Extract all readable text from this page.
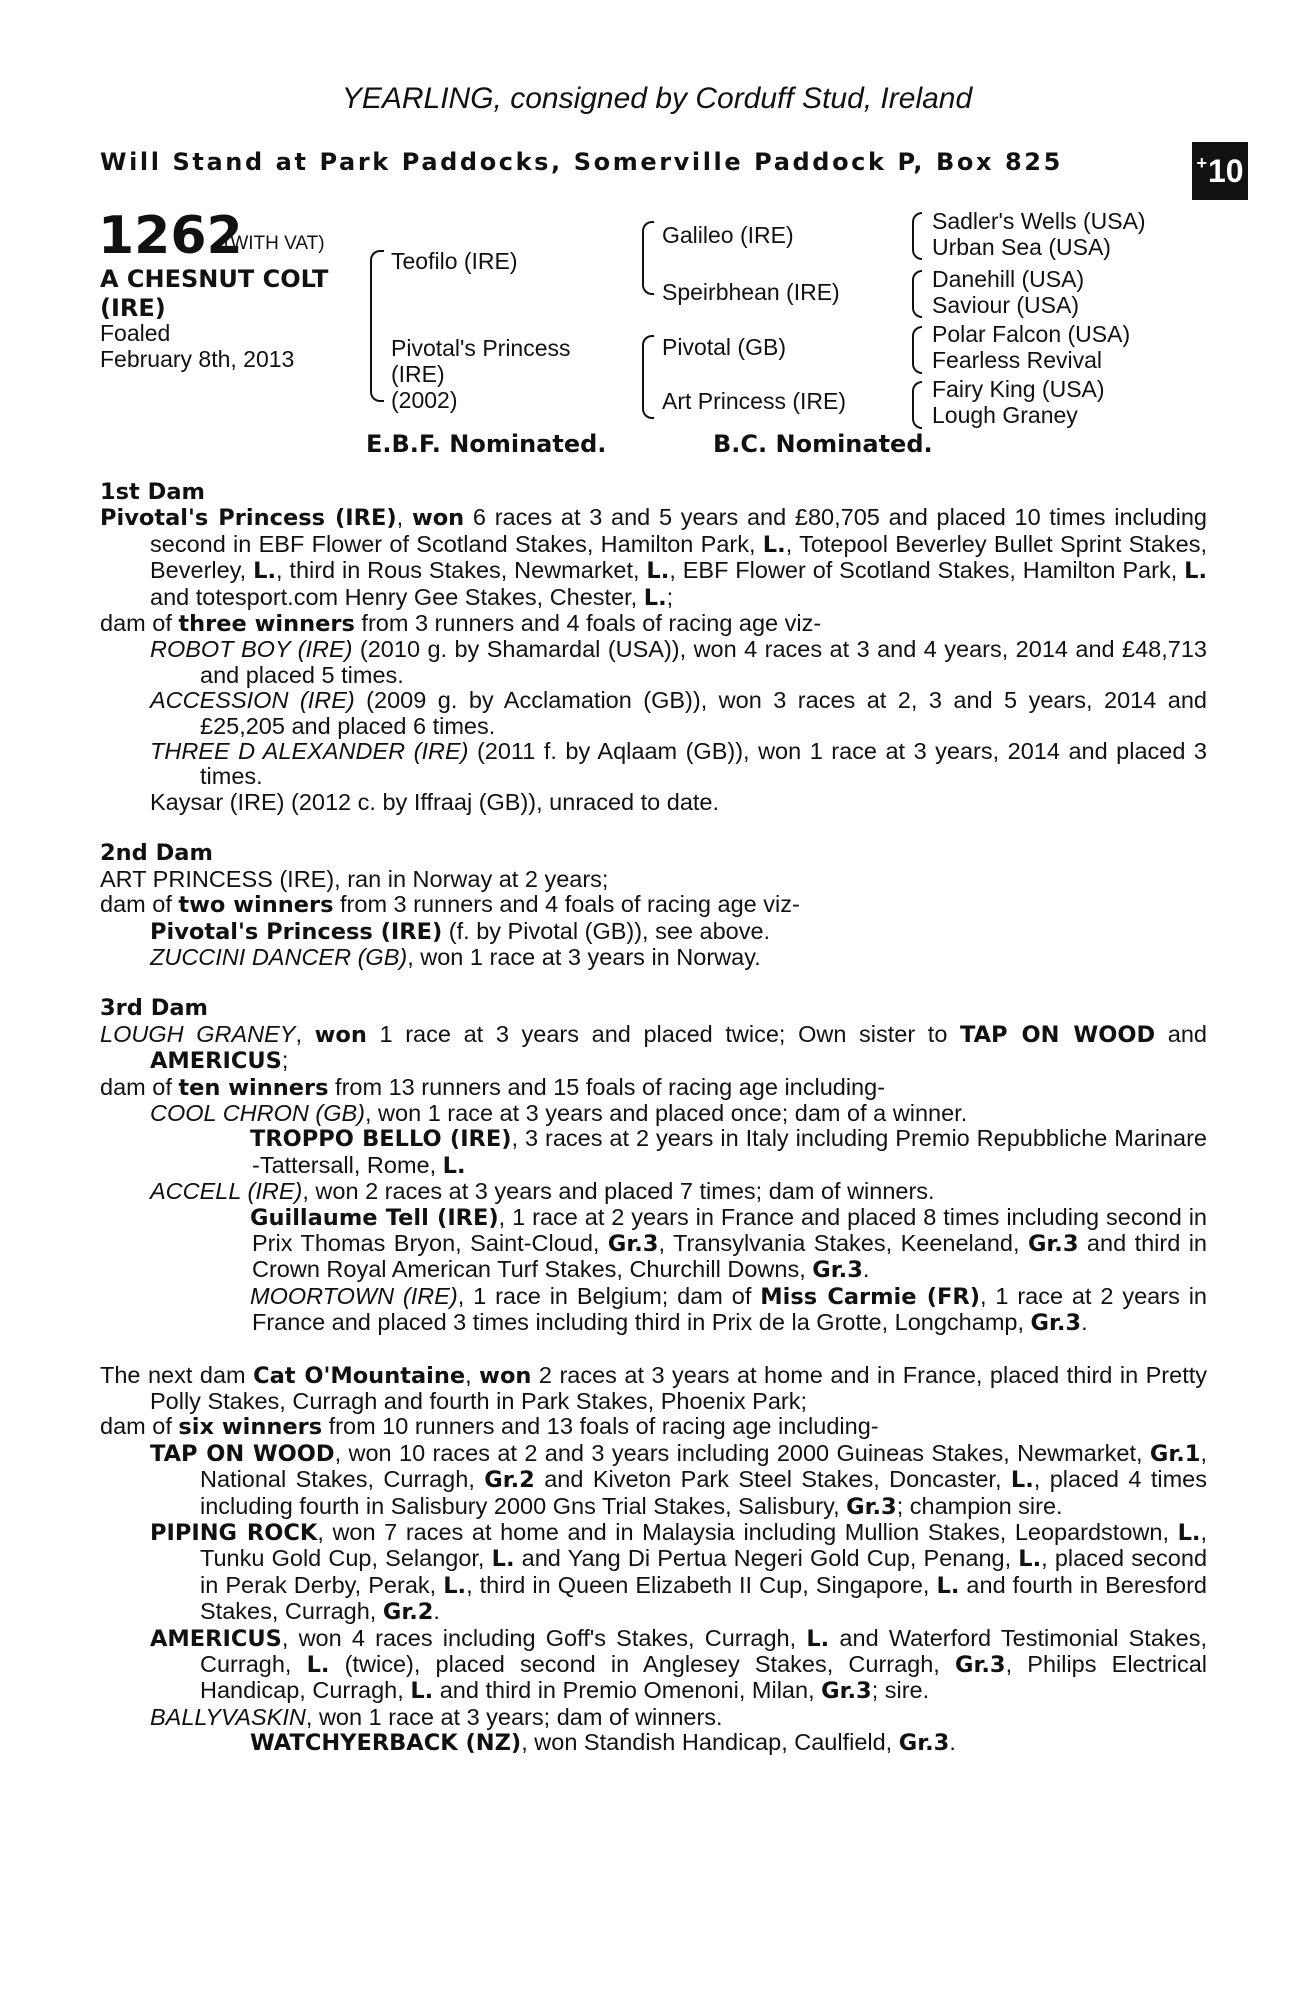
YEARLING, consigned by Corduff Stud, Ireland
Will Stand at Park Paddocks, Somerville Paddock P, Box 825	+ 10
1262
(WITH VAT)
A CHESNUT COLT (IRE)
Foaled
February 8th, 2013
Teofilo (IRE)
Pivotal's Princess
(IRE)
(2002)
Galileo (IRE)
Speirbhean (IRE)
Pivotal (GB)
Art Princess (IRE)
Sadler's Wells (USA)
Urban Sea (USA)
Danehill (USA)
Saviour (USA)
Polar Falcon (USA)
Fearless Revival
Fairy King (USA)
Lough Graney
E.B.F. Nominated.	B.C. Nominated.

1st Dam

Pivotal's Princess (IRE), won 6 races at 3 and 5 years and £80,705 and placed 10 times including second in EBF Flower of Scotland Stakes, Hamilton Park, L., Totepool Beverley Bullet Sprint Stakes, Beverley, L., third in Rous Stakes, Newmarket, L., EBF Flower of Scotland Stakes, Hamilton Park, L. and totesport.com Henry Gee Stakes, Chester, L.;

dam of three winners from 3 runners and 4 foals of racing age viz-

ROBOT BOY (IRE) (2010 g. by Shamardal (USA)), won 4 races at 3 and 4 years, 2014 and £48,713 and placed 5 times.

ACCESSION (IRE) (2009 g. by Acclamation (GB)), won 3 races at 2, 3 and 5 years, 2014 and £25,205 and placed 6 times.

THREE D ALEXANDER (IRE) (2011 f. by Aqlaam (GB)), won 1 race at 3 years, 2014 and placed 3 times.

Kaysar (IRE) (2012 c. by Iffraaj (GB)), unraced to date.

2nd Dam

ART PRINCESS (IRE), ran in Norway at 2 years;

dam of two winners from 3 runners and 4 foals of racing age viz-

Pivotal's Princess (IRE) (f. by Pivotal (GB)), see above.

ZUCCINI DANCER (GB), won 1 race at 3 years in Norway.

3rd Dam

LOUGH GRANEY, won 1 race at 3 years and placed twice; Own sister to TAP ON WOOD and AMERICUS;

dam of ten winners from 13 runners and 15 foals of racing age including-

COOL CHRON (GB), won 1 race at 3 years and placed once; dam of a winner.

TROPPO BELLO (IRE), 3 races at 2 years in Italy including Premio Repubbliche Marinare -Tattersall, Rome, L.

ACCELL (IRE), won 2 races at 3 years and placed 7 times; dam of winners.

Guillaume Tell (IRE), 1 race at 2 years in France and placed 8 times including second in Prix Thomas Bryon, Saint-Cloud, Gr.3, Transylvania Stakes, Keeneland, Gr.3 and third in Crown Royal American Turf Stakes, Churchill Downs, Gr.3.

MOORTOWN (IRE), 1 race in Belgium; dam of Miss Carmie (FR), 1 race at 2 years in France and placed 3 times including third in Prix de la Grotte, Longchamp, Gr.3.

The next dam Cat O'Mountaine, won 2 races at 3 years at home and in France, placed third in Pretty Polly Stakes, Curragh and fourth in Park Stakes, Phoenix Park;

dam of six winners from 10 runners and 13 foals of racing age including-

TAP ON WOOD, won 10 races at 2 and 3 years including 2000 Guineas Stakes, Newmarket, Gr.1, National Stakes, Curragh, Gr.2 and Kiveton Park Steel Stakes, Doncaster, L., placed 4 times including fourth in Salisbury 2000 Gns Trial Stakes, Salisbury, Gr.3; champion sire.

PIPING ROCK, won 7 races at home and in Malaysia including Mullion Stakes, Leopardstown, L., Tunku Gold Cup, Selangor, L. and Yang Di Pertua Negeri Gold Cup, Penang, L., placed second in Perak Derby, Perak, L., third in Queen Elizabeth II Cup, Singapore, L. and fourth in Beresford Stakes, Curragh, Gr.2.

AMERICUS, won 4 races including Goff's Stakes, Curragh, L. and Waterford Testimonial Stakes, Curragh, L. (twice), placed second in Anglesey Stakes, Curragh, Gr.3, Philips Electrical Handicap, Curragh, L. and third in Premio Omenoni, Milan, Gr.3; sire.

BALLYVASKIN, won 1 race at 3 years; dam of winners.

WATCHYERBACK (NZ), won Standish Handicap, Caulfield, Gr.3.
